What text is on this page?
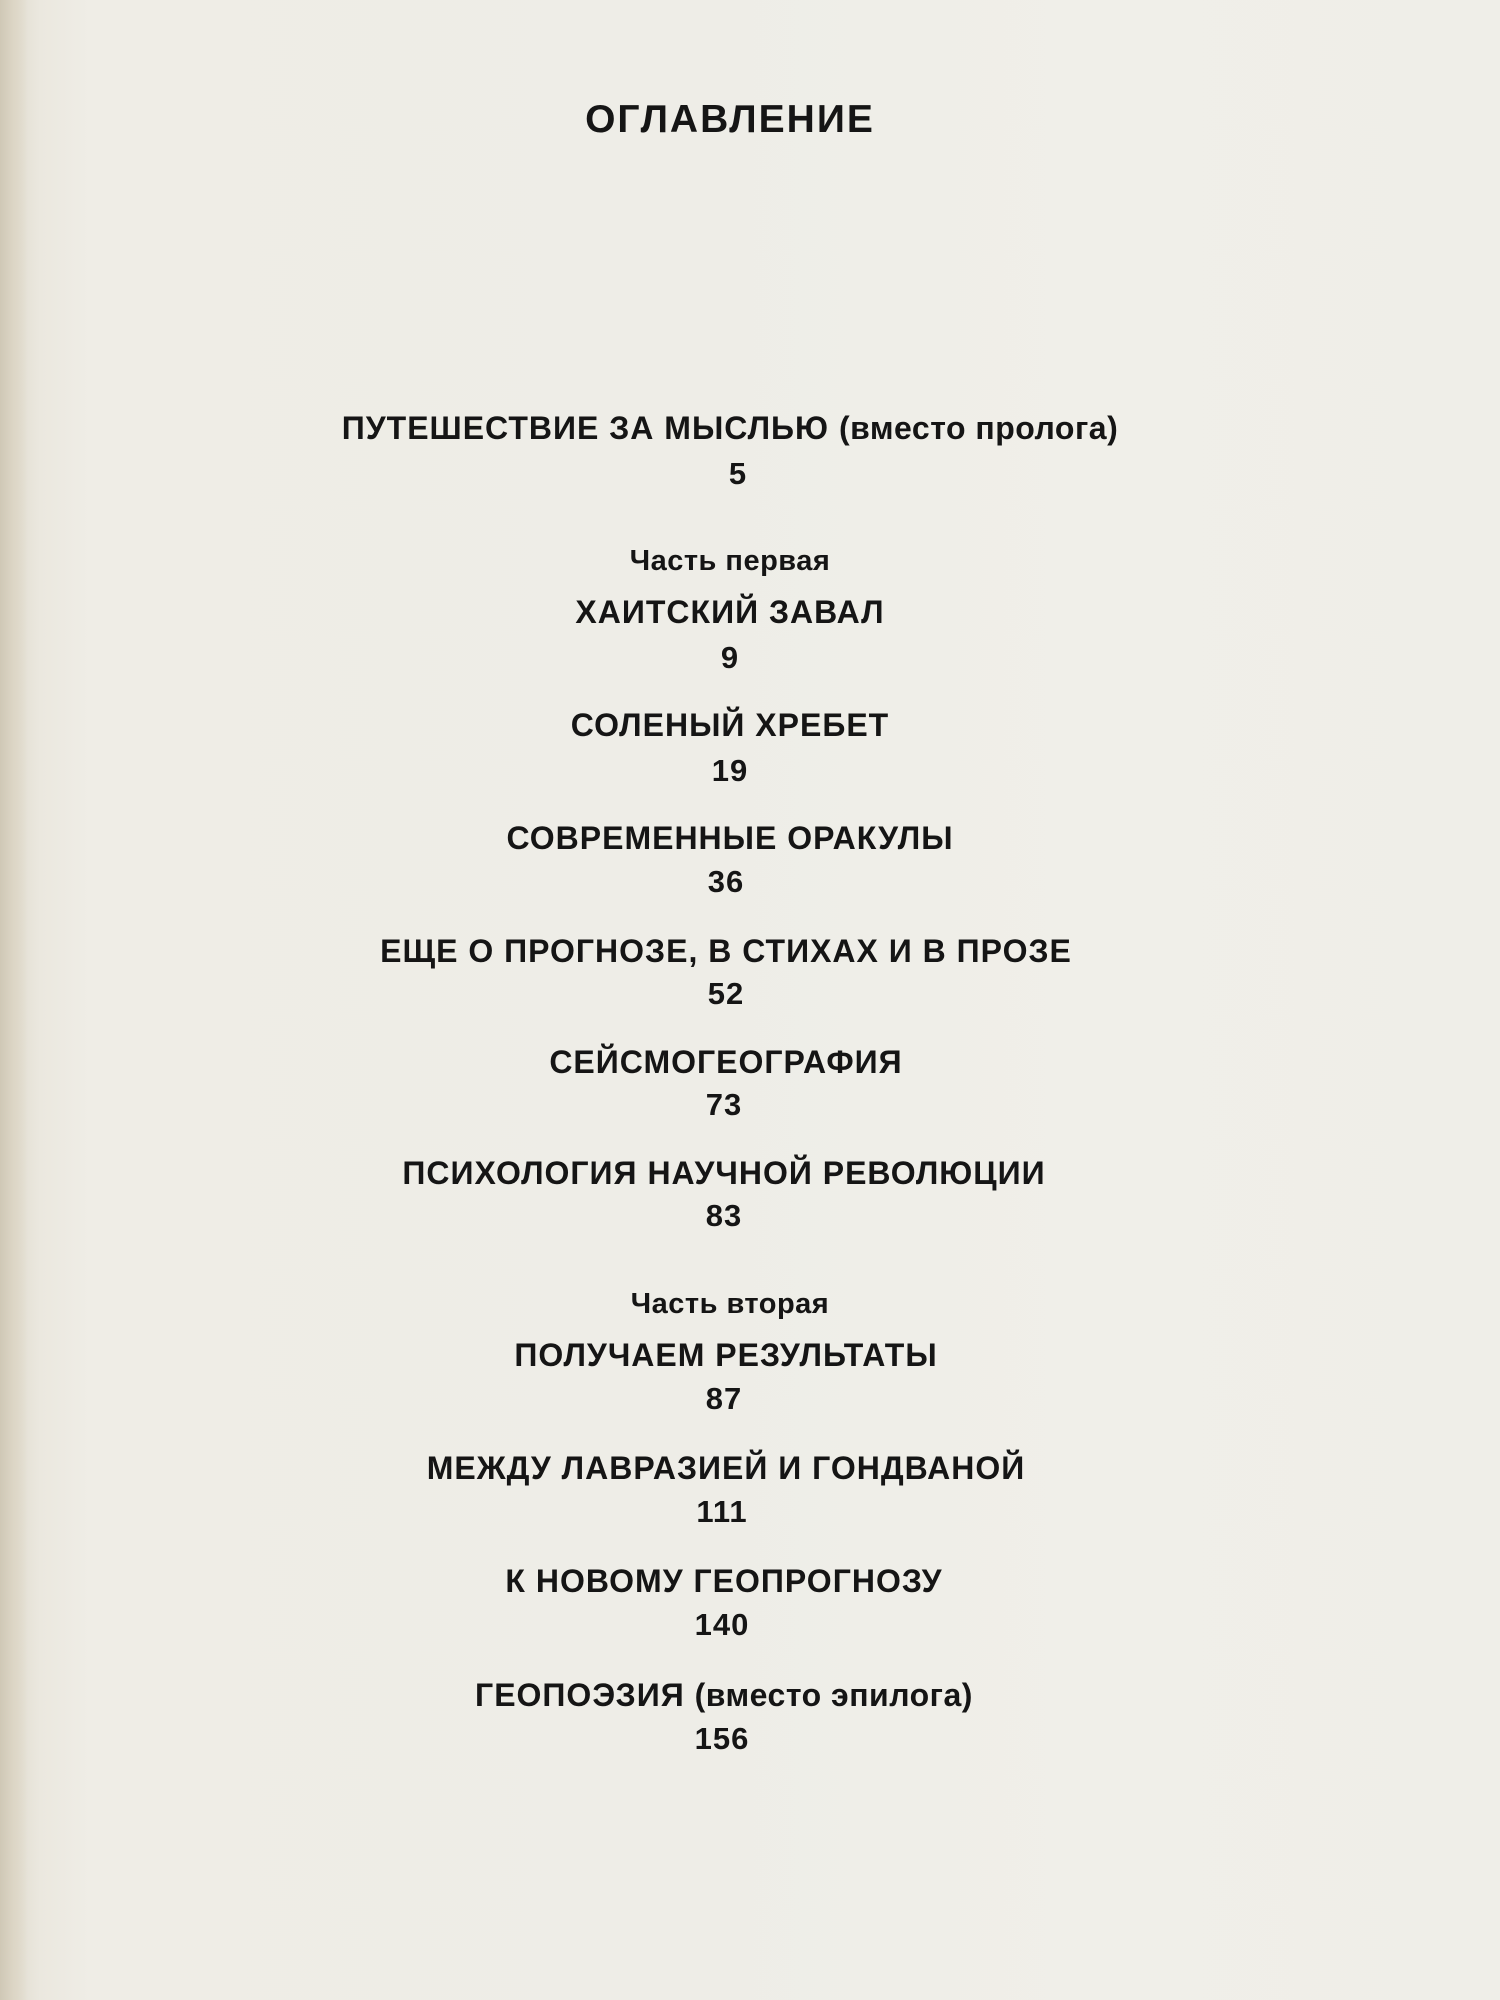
ОГЛАВЛЕНИЕ
ПУТЕШЕСТВИЕ ЗА МЫСЛЬЮ (вместо пролога)
5
Часть первая
ХАИТСКИЙ ЗАВАЛ
9
СОЛЕНЫЙ ХРЕБЕТ
19
СОВРЕМЕННЫЕ ОРАКУЛЫ
36
ЕЩЕ О ПРОГНОЗЕ, В СТИХАХ И В ПРОЗЕ
52
СЕЙСМОГЕОГРАФИЯ
73
ПСИХОЛОГИЯ НАУЧНОЙ РЕВОЛЮЦИИ
83
Часть вторая
ПОЛУЧАЕМ РЕЗУЛЬТАТЫ
87
МЕЖДУ ЛАВРАЗИЕЙ И ГОНДВАНОЙ
111
К НОВОМУ ГЕОПРОГНОЗУ
140
ГЕОПОЭЗИЯ (вместо эпилога)
156
